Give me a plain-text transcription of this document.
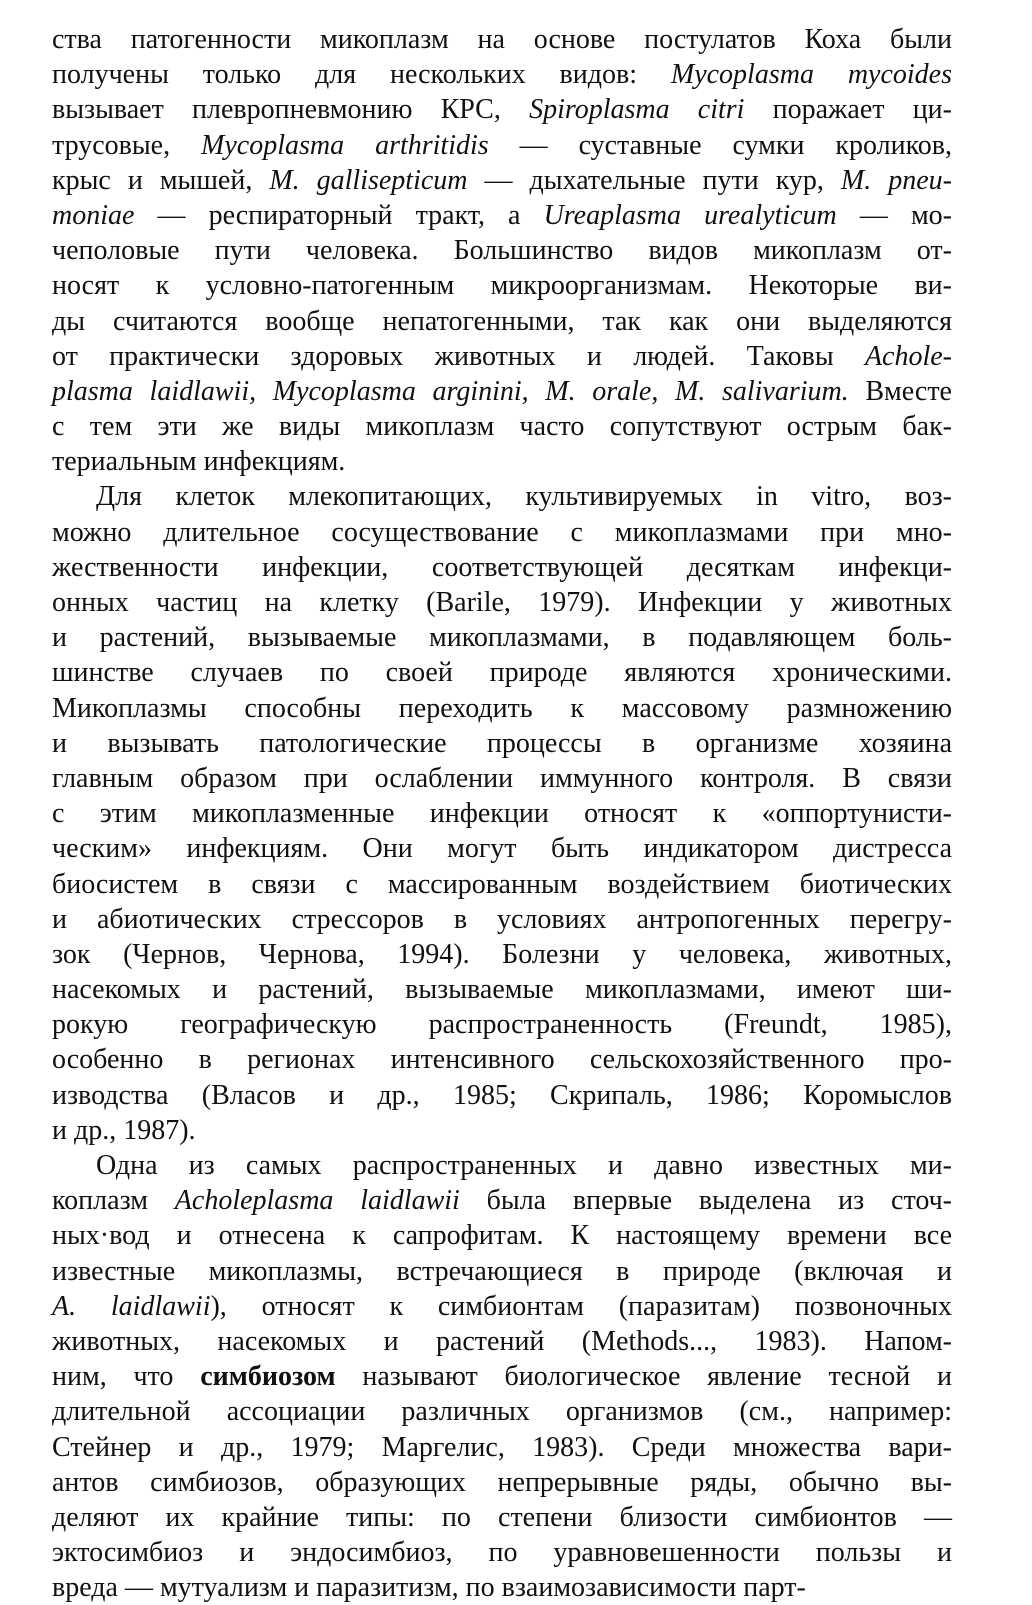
ства патогенности микоплазм на основе постулатов Коха были
получены только для нескольких видов: Mycoplasma mycoides
вызывает плевропневмонию КРС, Spiroplasma citri поражает ци-
трусовые, Mycoplasma arthritidis — суставные сумки кроликов,
крыс и мышей, M. gallisepticum — дыхательные пути кур, M. pneu-
moniae — респираторный тракт, а Ureaplasma urealyticum — мо-
чеполовые пути человека. Большинство видов микоплазм от-
носят к условно-патогенным микроорганизмам. Некоторые ви-
ды считаются вообще непатогенными, так как они выделяются
от практически здоровых животных и людей. Таковы Achole-
plasma laidlawii, Mycoplasma arginini, M. orale, M. salivarium. Вместе
с тем эти же виды микоплазм часто сопутствуют острым бак-
териальным инфекциям.
Для клеток млекопитающих, культивируемых in vitro, воз-
можно длительное сосуществование с микоплазмами при мно-
жественности инфекции, соответствующей десяткам инфекци-
онных частиц на клетку (Barile, 1979). Инфекции у животных
и растений, вызываемые микоплазмами, в подавляющем боль-
шинстве случаев по своей природе являются хроническими.
Микоплазмы способны переходить к массовому размножению
и вызывать патологические процессы в организме хозяина
главным образом при ослаблении иммунного контроля. В связи
с этим микоплазменные инфекции относят к «оппортунисти-
ческим» инфекциям. Они могут быть индикатором дистресса
биосистем в связи с массированным воздействием биотических
и абиотических стрессоров в условиях антропогенных перегру-
зок (Чернов, Чернова, 1994). Болезни у человека, животных,
насекомых и растений, вызываемые микоплазмами, имеют ши-
рокую географическую распространенность (Freundt, 1985),
особенно в регионах интенсивного сельскохозяйственного про-
изводства (Власов и др., 1985; Скрипаль, 1986; Коромыслов
и др., 1987).
Одна из самых распространенных и давно известных ми-
коплазм Acholeplasma laidlawii была впервые выделена из сточ-
ных·вод и отнесена к сапрофитам. К настоящему времени все
известные микоплазмы, встречающиеся в природе (включая и
A. laidlawii), относят к симбионтам (паразитам) позвоночных
животных, насекомых и растений (Methods..., 1983). Напом-
ним, что симбиозом называют биологическое явление тесной и
длительной ассоциации различных организмов (см., например:
Стейнер и др., 1979; Маргелис, 1983). Среди множества вари-
антов симбиозов, образующих непрерывные ряды, обычно вы-
деляют их крайние типы: по степени близости симбионтов —
эктосимбиоз и эндосимбиоз, по уравновешенности пользы и
вреда — мутуализм и паразитизм, по взаимозависимости парт-
